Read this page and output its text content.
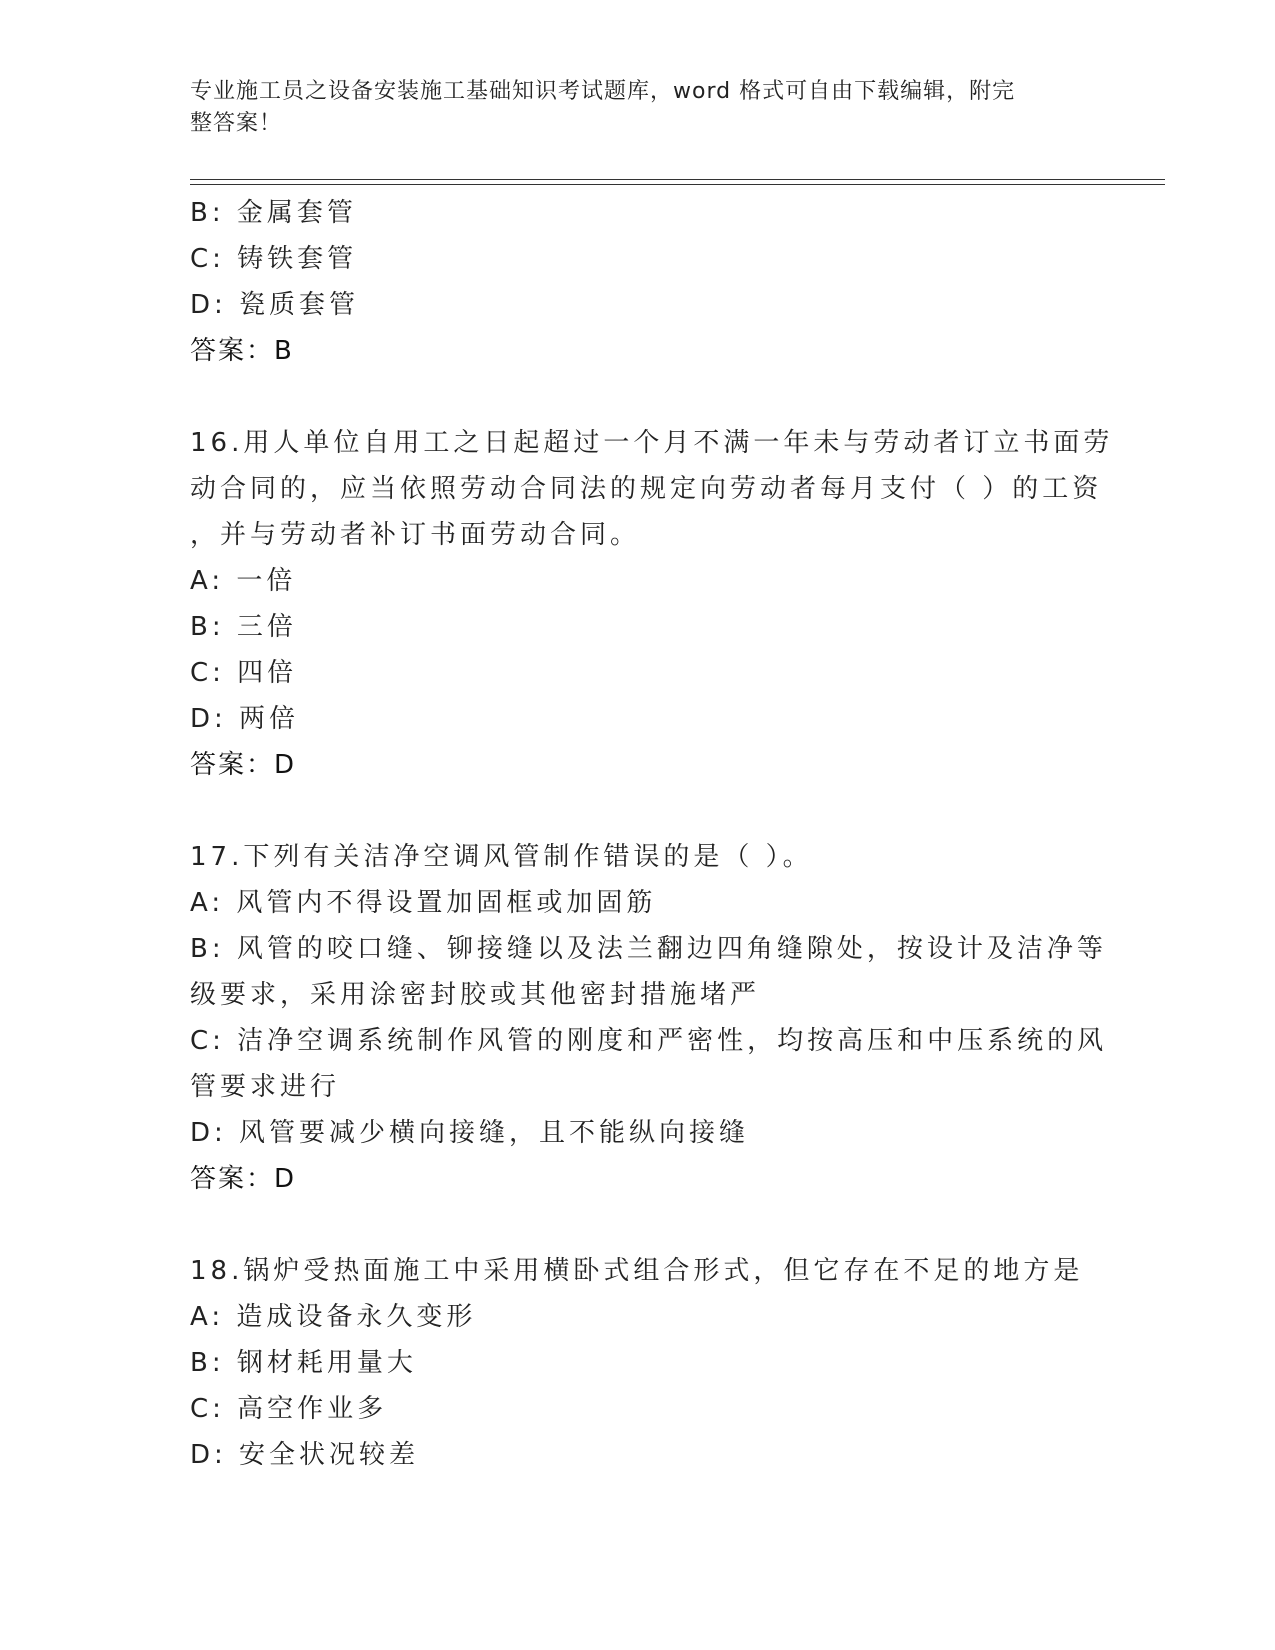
专业施工员之设备安装施工基础知识考试题库，word 格式可自由下载编辑，附完
整答案！
B: 金属套管
C: 铸铁套管
D: 瓷质套管
答案：B
16.用人单位自用工之日起超过一个月不满一年未与劳动者订立书面劳
动合同的，应当依照劳动合同法的规定向劳动者每月支付（ ）的工资
，并与劳动者补订书面劳动合同。
A: 一倍
B: 三倍
C: 四倍
D: 两倍
答案：D
17.下列有关洁净空调风管制作错误的是（ ）。
A: 风管内不得设置加固框或加固筋
B: 风管的咬口缝、铆接缝以及法兰翻边四角缝隙处，按设计及洁净等
级要求，采用涂密封胶或其他密封措施堵严
C: 洁净空调系统制作风管的刚度和严密性，均按高压和中压系统的风
管要求进行
D: 风管要减少横向接缝，且不能纵向接缝
答案：D
18.锅炉受热面施工中采用横卧式组合形式，但它存在不足的地方是
A: 造成设备永久变形
B: 钢材耗用量大
C: 高空作业多
D: 安全状况较差
